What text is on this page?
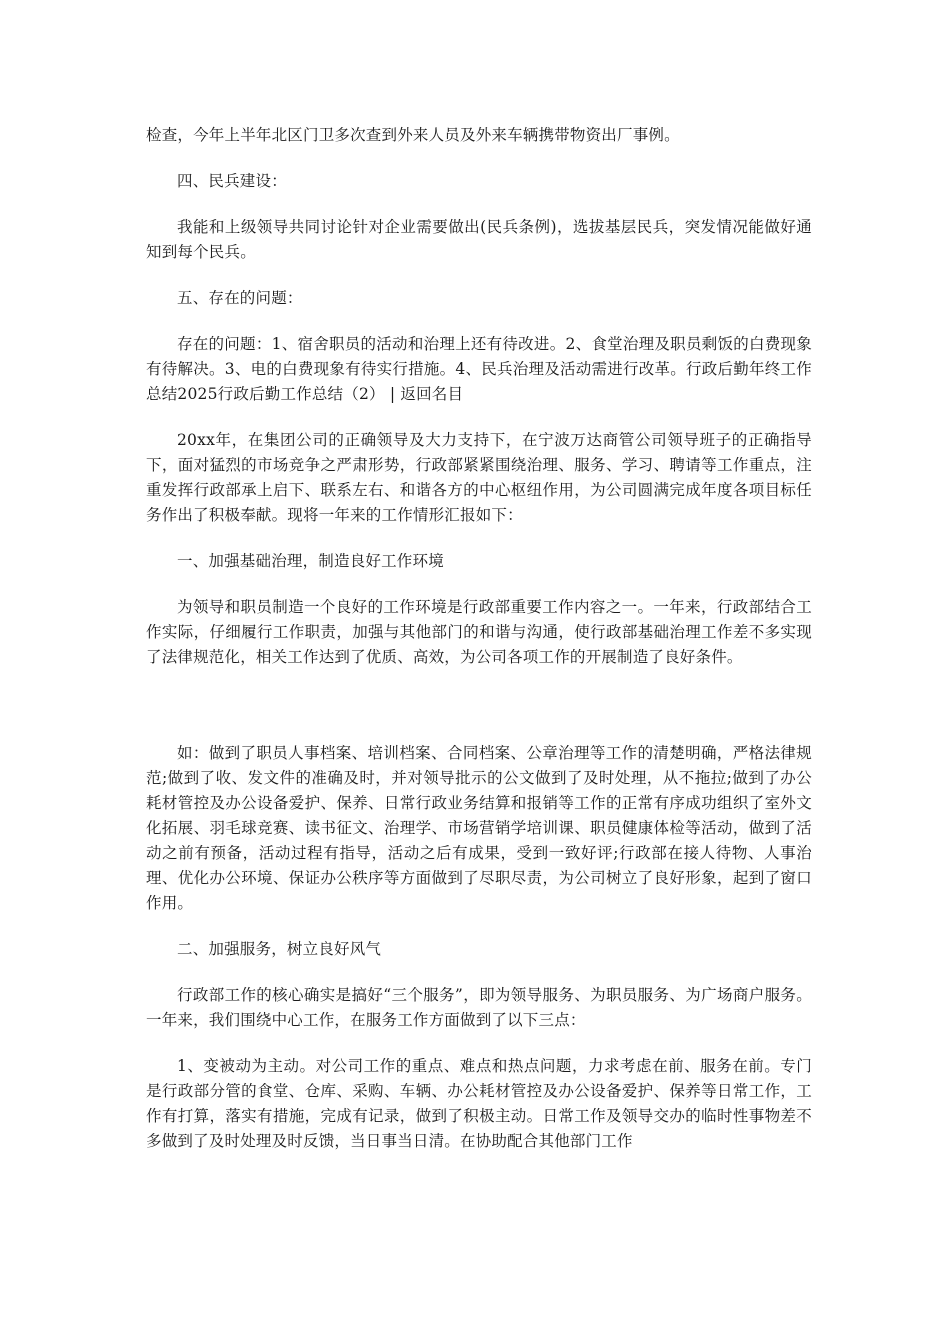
检查，今年上半年北区门卫多次查到外来人员及外来车辆携带物资出厂事例。

四、民兵建设：

我能和上级领导共同讨论针对企业需要做出(民兵条例)，选拔基层民兵，突发情况能做好通知到每个民兵。

五、存在的问题：

存在的问题：1、宿舍职员的活动和治理上还有待改进。2、食堂治理及职员剩饭的白费现象有待解决。3、电的白费现象有待实行措施。4、民兵治理及活动需进行改革。行政后勤年终工作总结2025行政后勤工作总结（2） | 返回名目

20xx年，在集团公司的正确领导及大力支持下，在宁波万达商管公司领导班子的正确指导下，面对猛烈的市场竞争之严肃形势，行政部紧紧围绕治理、服务、学习、聘请等工作重点，注重发挥行政部承上启下、联系左右、和谐各方的中心枢纽作用，为公司圆满完成年度各项目标任务作出了积极奉献。现将一年来的工作情形汇报如下：

一、加强基础治理，制造良好工作环境

为领导和职员制造一个良好的工作环境是行政部重要工作内容之一。一年来，行政部结合工作实际，仔细履行工作职责，加强与其他部门的和谐与沟通，使行政部基础治理工作差不多实现了法律规范化，相关工作达到了优质、高效，为公司各项工作的开展制造了良好条件。

如：做到了职员人事档案、培训档案、合同档案、公章治理等工作的清楚明确，严格法律规范;做到了收、发文件的准确及时，并对领导批示的公文做到了及时处理，从不拖拉;做到了办公耗材管控及办公设备爱护、保养、日常行政业务结算和报销等工作的正常有序成功组织了室外文化拓展、羽毛球竞赛、读书征文、治理学、市场营销学培训课、职员健康体检等活动，做到了活动之前有预备，活动过程有指导，活动之后有成果，受到一致好评;行政部在接人待物、人事治理、优化办公环境、保证办公秩序等方面做到了尽职尽责，为公司树立了良好形象，起到了窗口作用。

二、加强服务，树立良好风气

行政部工作的核心确实是搞好“三个服务”，即为领导服务、为职员服务、为广场商户服务。一年来，我们围绕中心工作，在服务工作方面做到了以下三点：

1、变被动为主动。对公司工作的重点、难点和热点问题，力求考虑在前、服务在前。专门是行政部分管的食堂、仓库、采购、车辆、办公耗材管控及办公设备爱护、保养等日常工作，工作有打算，落实有措施，完成有记录，做到了积极主动。日常工作及领导交办的临时性事物差不多做到了及时处理及时反馈，当日事当日清。在协助配合其他部门工作
